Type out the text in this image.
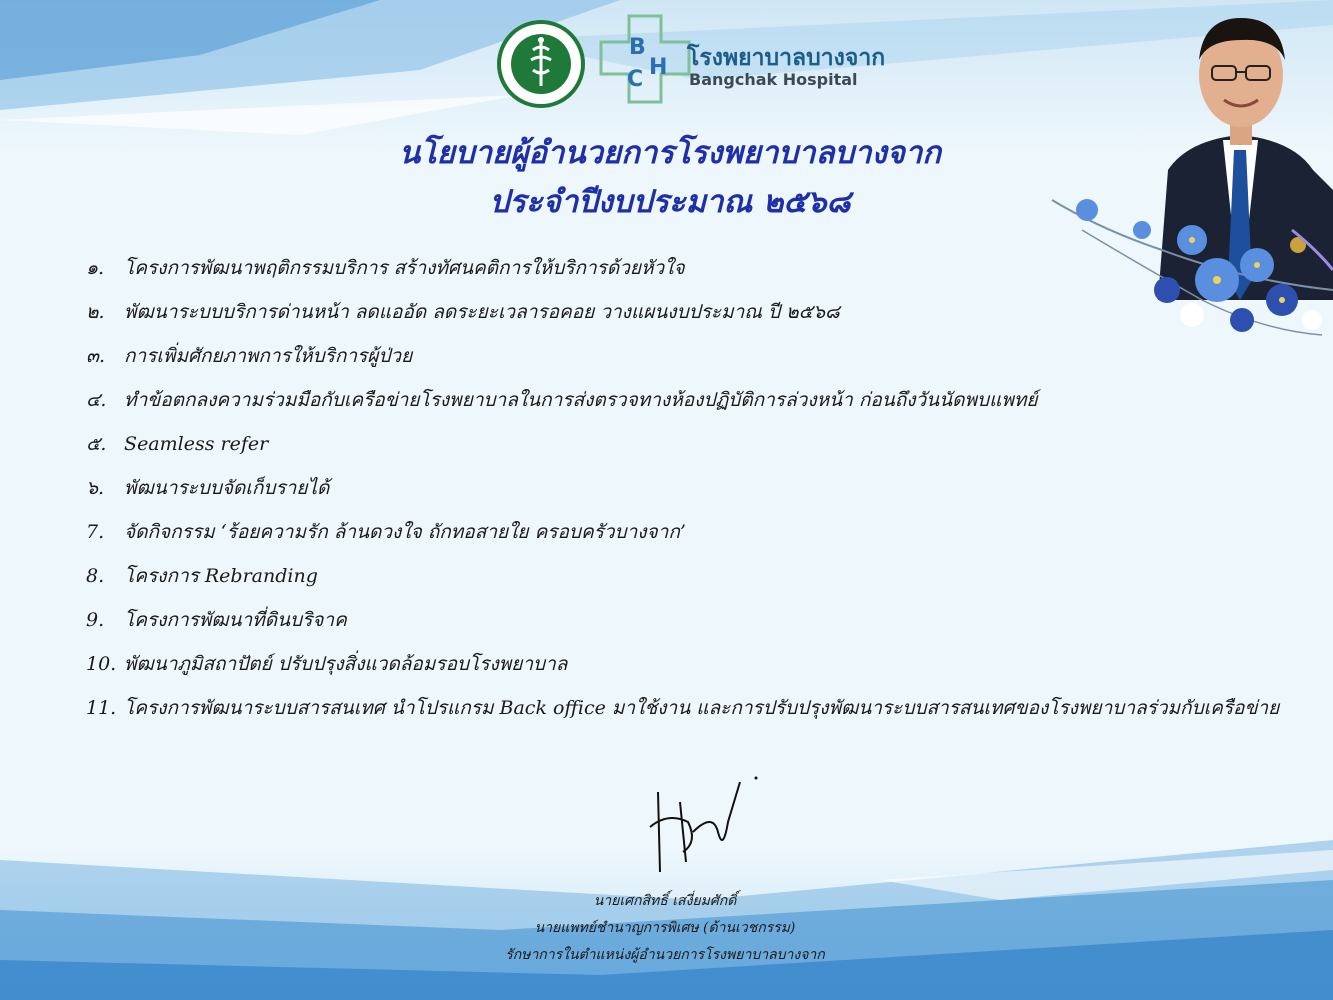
B
C H โรงพยาบาลบางจาก
Bangchak Hospital
นโยบายผู้อำนวยการโรงพยาบาลบางจาก
ประจำปีงบประมาณ ๒๕๖๘
๑. โครงการพัฒนาพฤติกรรมบริการ สร้างทัศนคติการให้บริการด้วยหัวใจ
๒. พัฒนาระบบบริการด่านหน้า ลดแออัด ลดระยะเวลารอคอย วางแผนงบประมาณ ปี ๒๕๖๘
๓. การเพิ่มศักยภาพการให้บริการผู้ป่วย
๔. ทำข้อตกลงความร่วมมือกับเครือข่ายโรงพยาบาลในการส่งตรวจทางห้องปฏิบัติการล่วงหน้า ก่อนถึงวันนัดพบแพทย์
๕. Seamless refer
๖. พัฒนาระบบจัดเก็บรายได้
7. จัดกิจกรรม ‘ร้อยความรัก ล้านดวงใจ ถักทอสายใย ครอบครัวบางจาก’
8. โครงการ Rebranding
9. โครงการพัฒนาที่ดินบริจาค
10. พัฒนาภูมิสถาปัตย์ ปรับปรุงสิ่งแวดล้อมรอบโรงพยาบาล
11. โครงการพัฒนาระบบสารสนเทศ นำโปรแกรม Back office มาใช้งาน และการปรับปรุงพัฒนาระบบสารสนเทศของโรงพยาบาลร่วมกับเครือข่าย
นายเศกสิทธิ์ เสงี่ยมศักดิ์
นายแพทย์ชำนาญการพิเศษ (ด้านเวชกรรม)
รักษาการในตำแหน่งผู้อำนวยการโรงพยาบาลบางจาก
